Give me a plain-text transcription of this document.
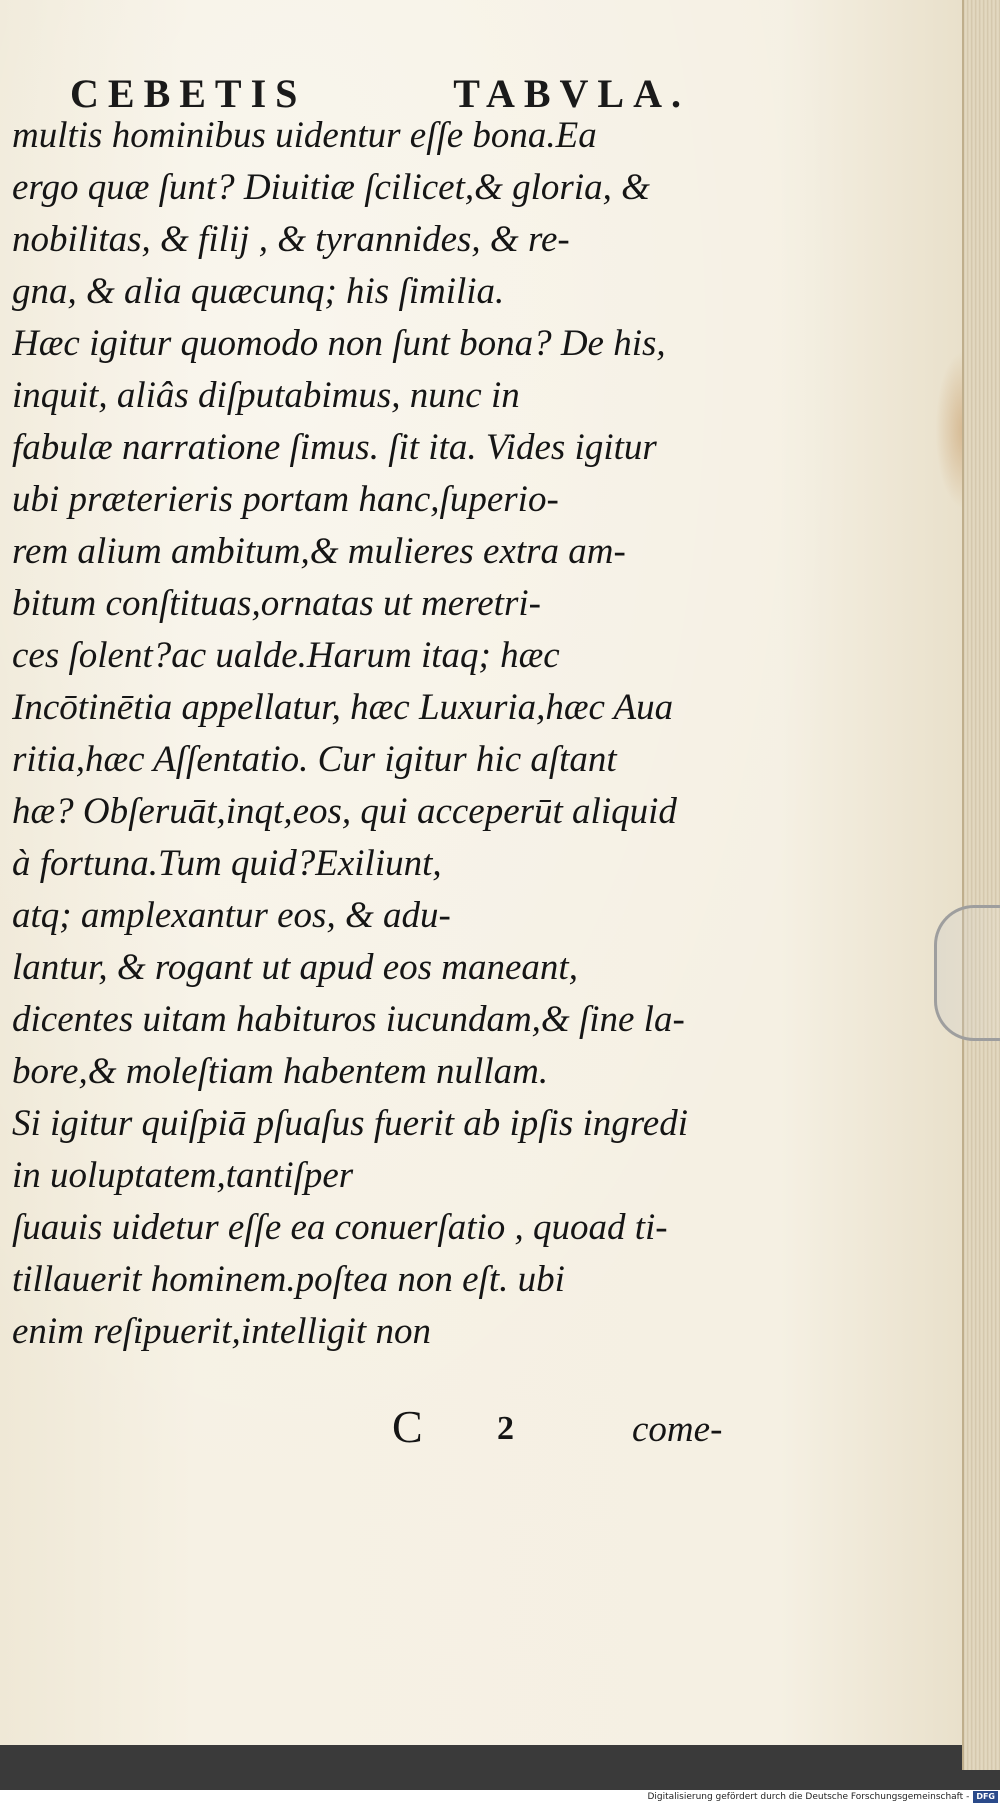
CEBETIS	TABVLA.
multis hominibus uidentur eſſe bona.Ea
ergo quæ ſunt? Diuitiæ ſcilicet,& gloria, &
nobilitas, & filij , & tyrannides, & re-
gna, & alia quæcunq; his ſimilia.
Hæc igitur quomodo non ſunt bona? De his,
inquit, aliâs diſputabimus, nunc in
fabulæ narratione ſimus. ſit ita. Vides igitur
ubi præterieris portam hanc,ſuperio-
rem alium ambitum,& mulieres extra am-
bitum conſtituas,ornatas ut meretri-
ces ſolent?ac ualde.Harum itaq; hæc
Incōtinētia appellatur, hæc Luxuria,hæc Aua
ritia,hæc Aſſentatio. Cur igitur hic aſtant
hæ? Obſeruāt,inqt,eos, qui acceperūt aliquid
à fortuna.Tum quid?Exiliunt,
atq; amplexantur eos, & adu-
lantur, & rogant ut apud eos maneant,
dicentes uitam habituros iucundam,& ſine la-
bore,& moleſtiam habentem nullam.
Si igitur quiſpiā pſuaſus fuerit ab ipſis ingredi
in uoluptatem,tantiſper
ſuauis uidetur eſſe ea conuerſatio , quoad ti-
tillauerit hominem.poſtea non eſt. ubi
enim reſipuerit,intelligit non
C 2	come-
Digitalisierung gefördert durch die Deutsche Forschungsgemeinschaft - DFG
